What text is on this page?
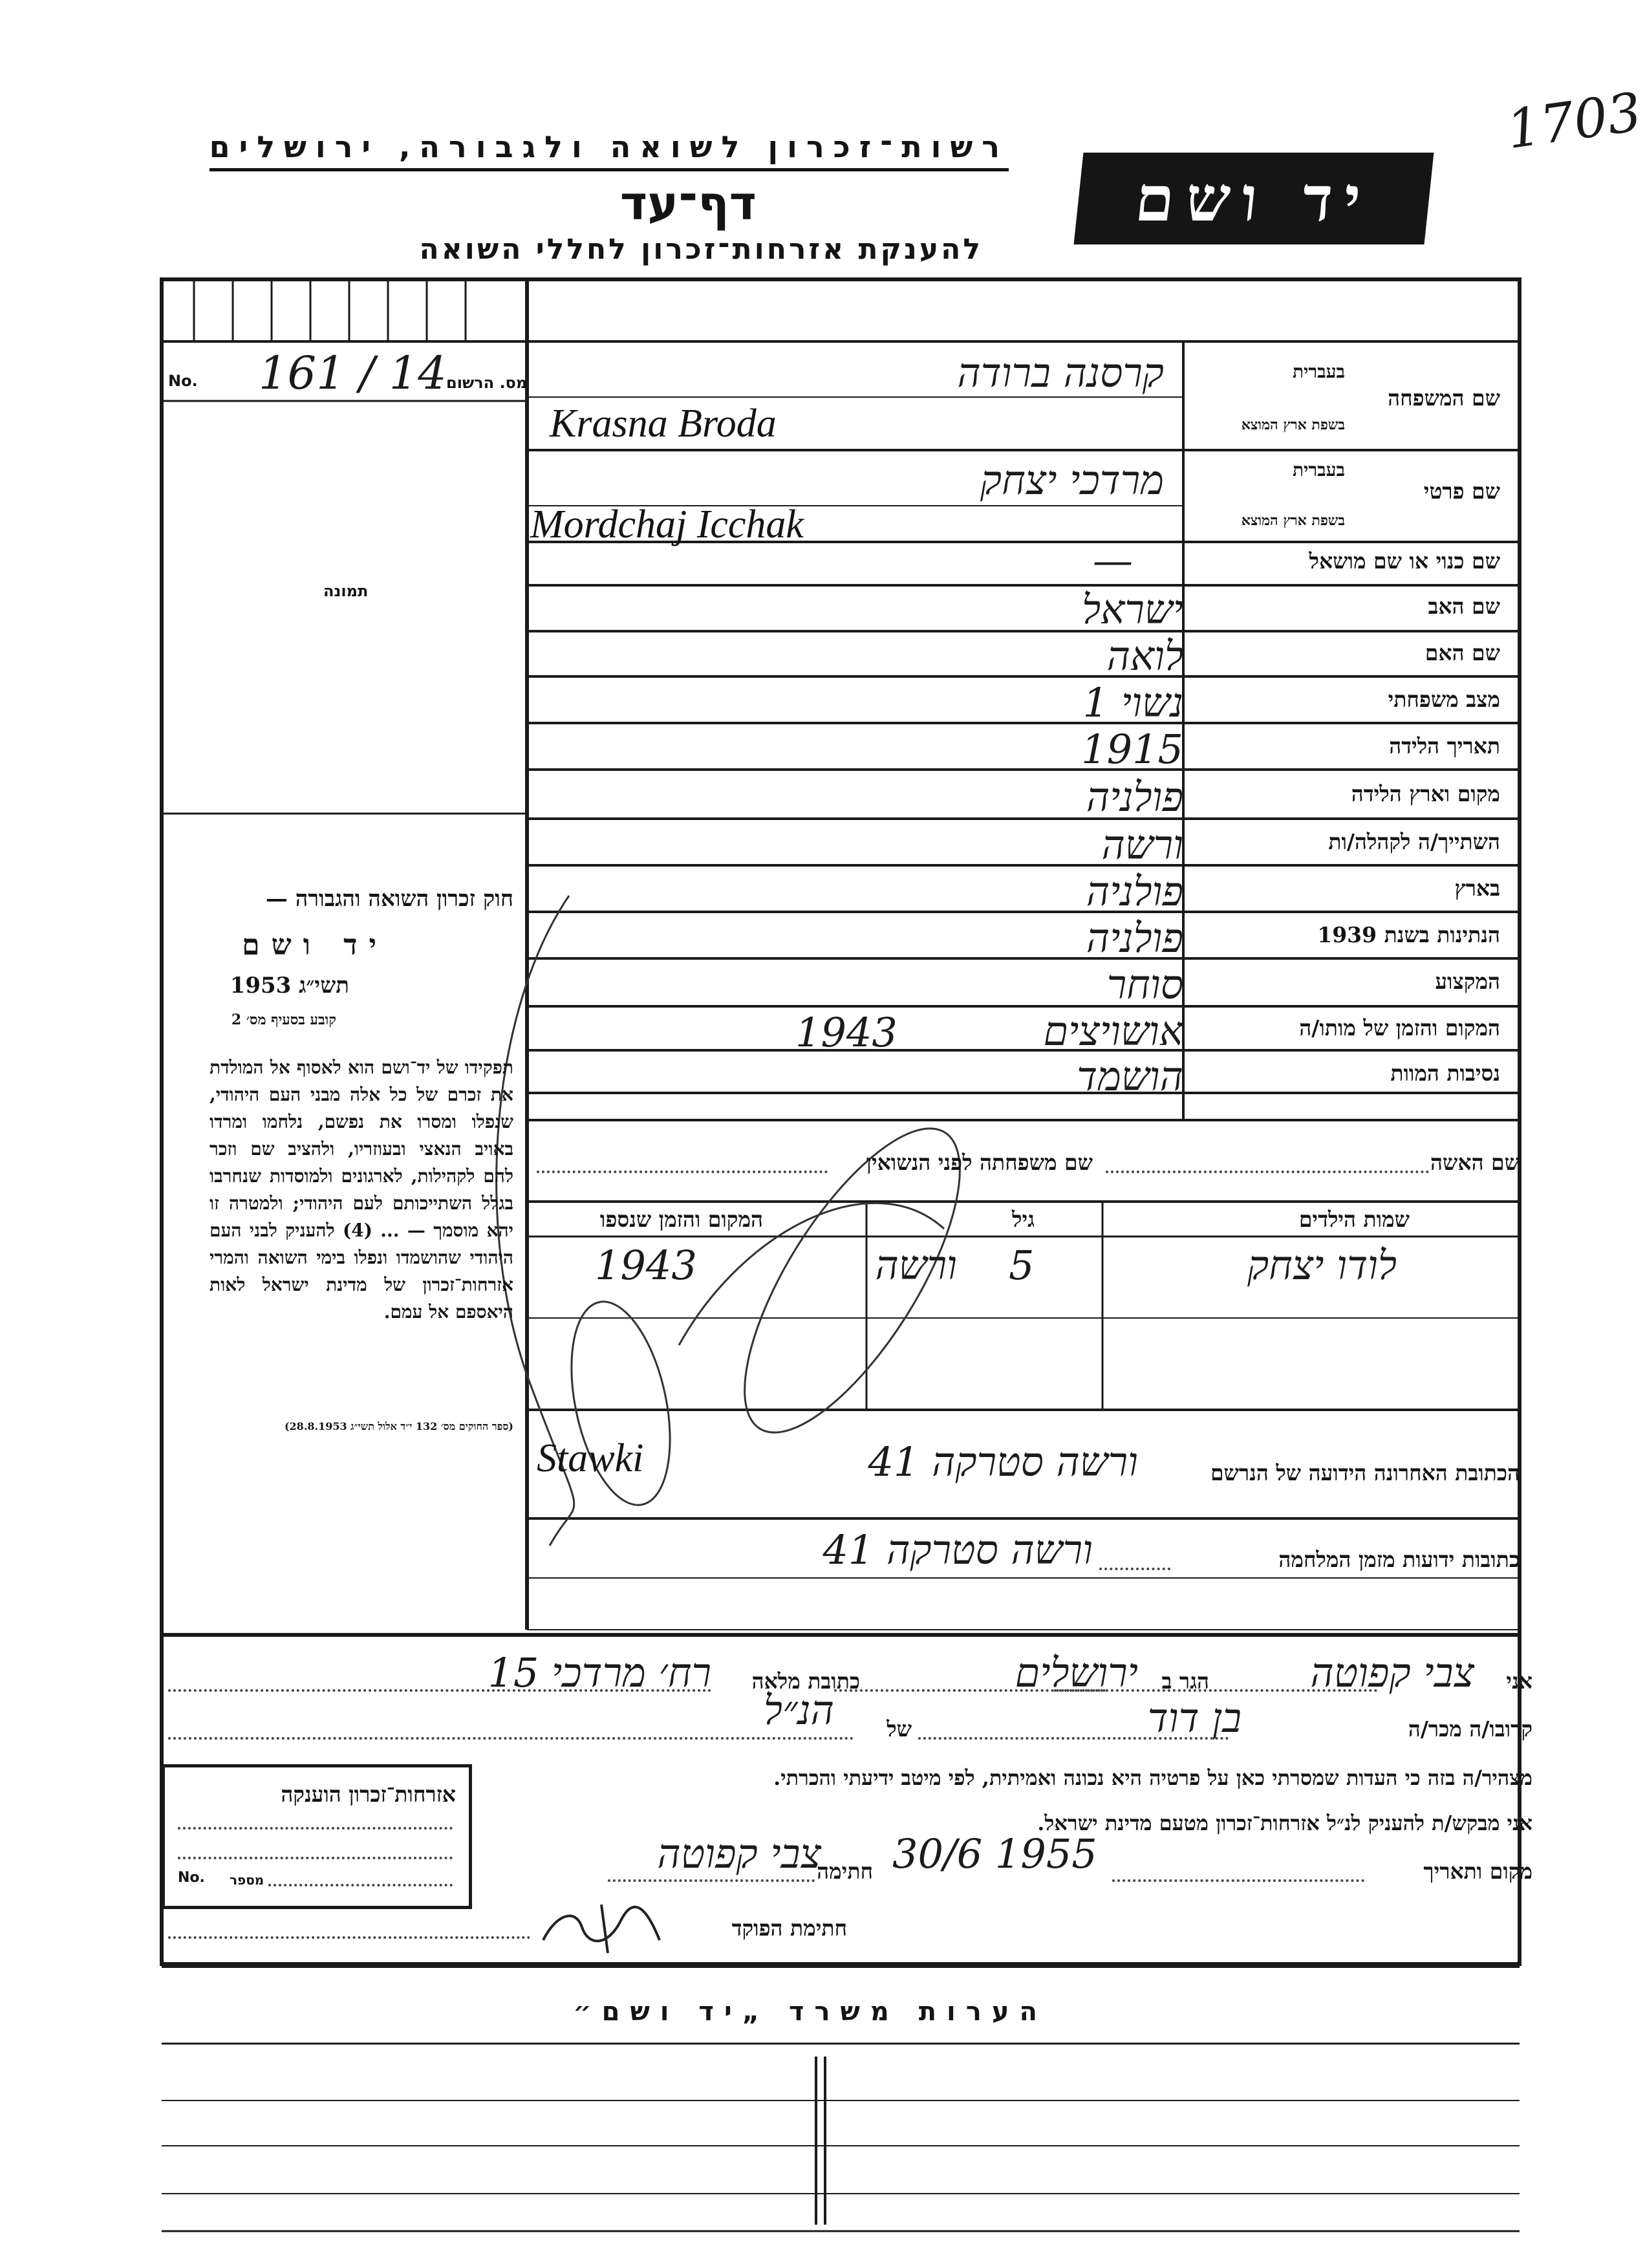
1703
רשות־זכרון לשואה ולגבורה, ירושלים
דף־עד
להענקת אזרחות־זכרון לחללי השואה
יד ושם
No. 161 / 14 מס. הרשום
תמונה
שם המשפחה
בעברית
בשפת ארץ המוצא
קרסנה ברודה
Krasna Broda
שם פרטי
בעברית
בשפת ארץ המוצא
מרדכי יצחק
Mordchaj Icchak
שם כנוי או שם מושאל
—
שם האב
ישראל
שם האם
לואה
מצב משפחתי
נשוי 1
תאריך הלידה
1915
מקום וארץ הלידה
פולניה
השתייך/ה לקהלה/ות
ורשה
בארץ
פולניה
הנתינות בשנת 1939
פולניה
המקצוע
סוחר
המקום והזמן של מותו/ה
אושויצים
1943
נסיבות המוות
הושמד
שם האשה
שם משפחתה לפני הנשואין
שמות הילדים
גיל
המקום והזמן שנספו
לודו יצחק
5
ורשה
1943
הכתובת האחרונה הידועה של הנרשם
ורשה סטרקה 41
Stawki
כתובות ידועות מזמן המלחמה
ורשה סטרקה 41
חוק זכרון השואה והגבורה —
יד ושם
תשי״ג 1953
קובע בסעיף מס׳ 2
תפקידו של יד־ושם הוא לאסוף אל המולדת את זכרם של כל אלה מבני העם היהודי, שנפלו ומסרו את נפשם, נלחמו ומרדו באויב הנאצי ובעוזריו, ולהציב שם וזכר להם לקהילות, לארגונים ולמוסדות שנחרבו בגלל השתייכותם לעם היהודי; ולמטרה זו יהא מוסמך — ... (4) להעניק לבני העם היהודי שהושמדו ונפלו בימי השואה והמרי אזרחות־זכרון של מדינת ישראל לאות היאספם אל עמם.
(ספר החוקים מס׳ 132 י״ד אלול תשי״ג 28.8.1953)
אני
צבי קפוטה
הגר ב
ירושלים
כתובת מלאה
רח׳ מרדכי 15
קרובו/ה מכר/ה
בן דוד
של
הנ״ל
מצהיר/ה בזה כי העדות שמסרתי כאן על פרטיה היא נכונה ואמיתית, לפי מיטב ידיעתי והכרתי.
אני מבקש/ת להעניק לנ״ל אזרחות־זכרון מטעם מדינת ישראל.
מקום ותאריך
30/6 1955
חתימה
צבי קפוטה
חתימת הפוקד
אזרחות־זכרון הוענקה
No. מספר
הערות משרד „יד ושם״
